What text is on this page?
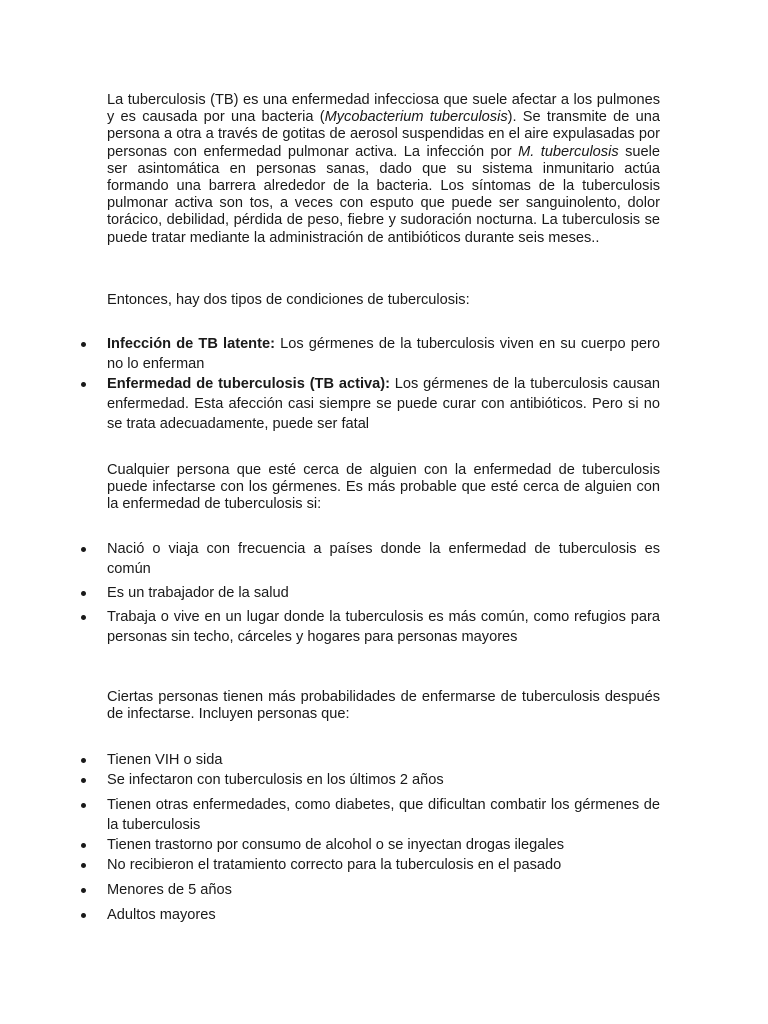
La tuberculosis (TB) es una enfermedad infecciosa que suele afectar a los pulmones y es causada por una bacteria (Mycobacterium tuberculosis). Se transmite de una persona a otra a través de gotitas de aerosol suspendidas en el aire expulasadas por personas con enfermedad pulmonar activa. La infección por M. tuberculosis suele ser asintomática en personas sanas, dado que su sistema inmunitario actúa formando una barrera alrededor de la bacteria. Los síntomas de la tuberculosis pulmonar activa son tos, a veces con esputo que puede ser sanguinolento, dolor torácico, debilidad, pérdida de peso, fiebre y sudoración nocturna. La tuberculosis se puede tratar mediante la administración de antibióticos durante seis meses..

Entonces, hay dos tipos de condiciones de tuberculosis:

Infección de TB latente: Los gérmenes de la tuberculosis viven en su cuerpo pero no lo enferman
Enfermedad de tuberculosis (TB activa): Los gérmenes de la tuberculosis causan enfermedad. Esta afección casi siempre se puede curar con antibióticos. Pero si no se trata adecuadamente, puede ser fatal

Cualquier persona que esté cerca de alguien con la enfermedad de tuberculosis puede infectarse con los gérmenes. Es más probable que esté cerca de alguien con la enfermedad de tuberculosis si:

Nació o viaja con frecuencia a países donde la enfermedad de tuberculosis es común
Es un trabajador de la salud
Trabaja o vive en un lugar donde la tuberculosis es más común, como refugios para personas sin techo, cárceles y hogares para personas mayores

Ciertas personas tienen más probabilidades de enfermarse de tuberculosis después de infectarse. Incluyen personas que:

Tienen VIH o sida
Se infectaron con tuberculosis en los últimos 2 años
Tienen otras enfermedades, como diabetes, que dificultan combatir los gérmenes de la tuberculosis
Tienen trastorno por consumo de alcohol o se inyectan drogas ilegales
No recibieron el tratamiento correcto para la tuberculosis en el pasado
Menores de 5 años
Adultos mayores
